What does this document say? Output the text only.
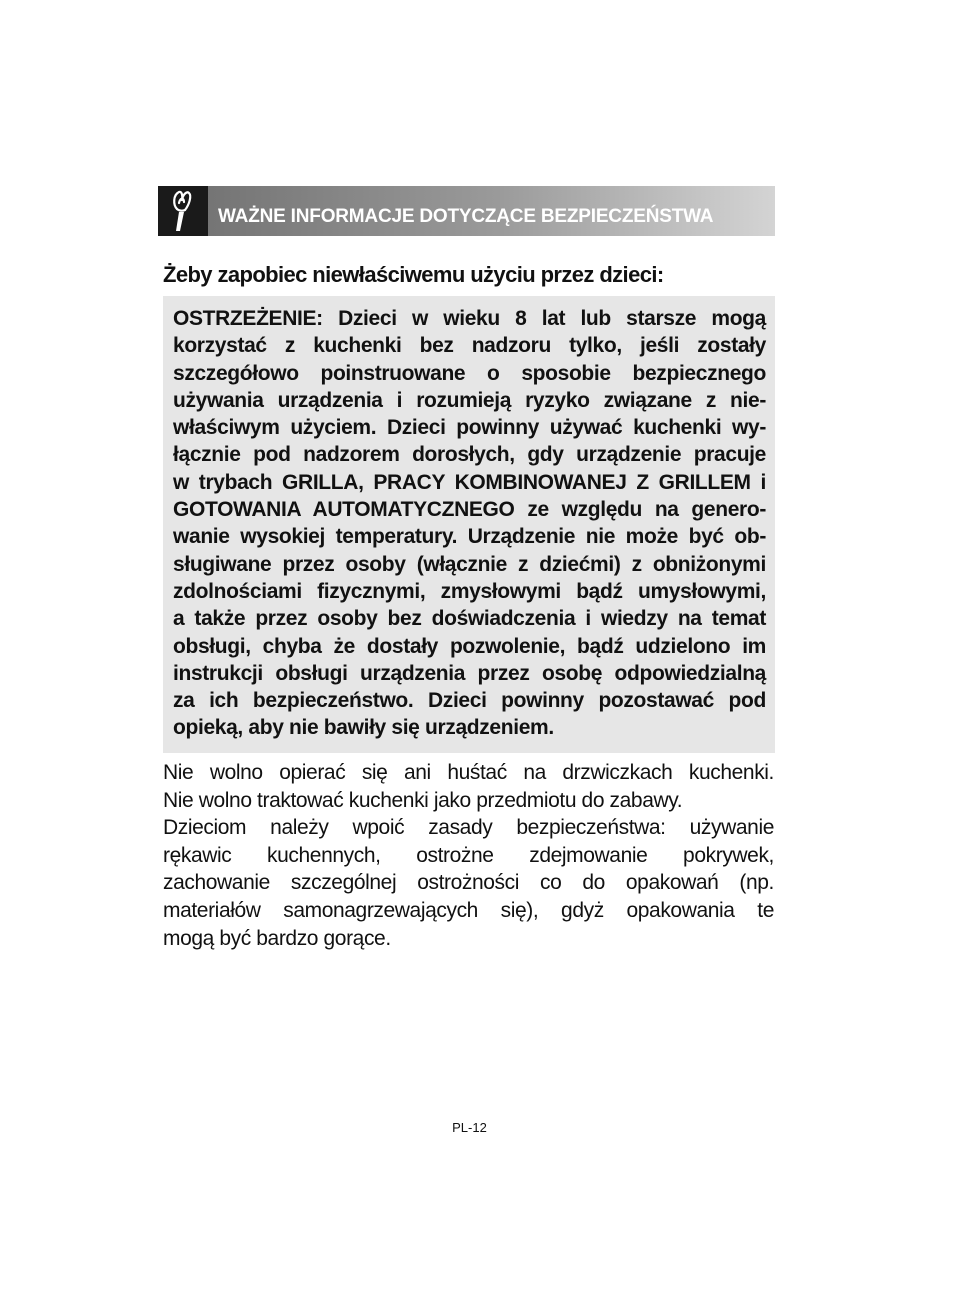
WAŻNE INFORMACJE DOTYCZĄCE BEZPIECZEŃSTWA
Żeby zapobiec niewłaściwemu użyciu przez dzieci:
OSTRZEŻENIE: Dzieci w wieku 8 lat lub starsze mogą
korzystać z kuchenki bez nadzoru tylko, jeśli zostały
szczegółowo poinstruowane o sposobie bezpiecznego
używania urządzenia i rozumieją ryzyko związane z nie-
właściwym użyciem. Dzieci powinny używać kuchenki wy-
łącznie pod nadzorem dorosłych, gdy urządzenie pracuje
w trybach GRILLA, PRACY KOMBINOWANEJ Z GRILLEM i
GOTOWANIA AUTOMATYCZNEGO ze względu na genero-
wanie wysokiej temperatury. Urządzenie nie może być ob-
sługiwane przez osoby (włącznie z dziećmi) z obniżonymi
zdolnościami fizycznymi, zmysłowymi bądź umysłowymi,
a także przez osoby bez doświadczenia i wiedzy na temat
obsługi, chyba że dostały pozwolenie, bądź udzielono im
instrukcji obsługi urządzenia przez osobę odpowiedzialną
za ich bezpieczeństwo. Dzieci powinny pozostawać pod
opieką, aby nie bawiły się urządzeniem.
Nie wolno opierać się ani huśtać na drzwiczkach kuchenki.
Nie wolno traktować kuchenki jako przedmiotu do zabawy.
Dzieciom należy wpoić zasady bezpieczeństwa: używanie
rękawic kuchennych, ostrożne zdejmowanie pokrywek,
zachowanie szczególnej ostrożności co do opakowań (np.
materiałów samonagrzewających się), gdyż opakowania te
mogą być bardzo gorące.
PL-12
